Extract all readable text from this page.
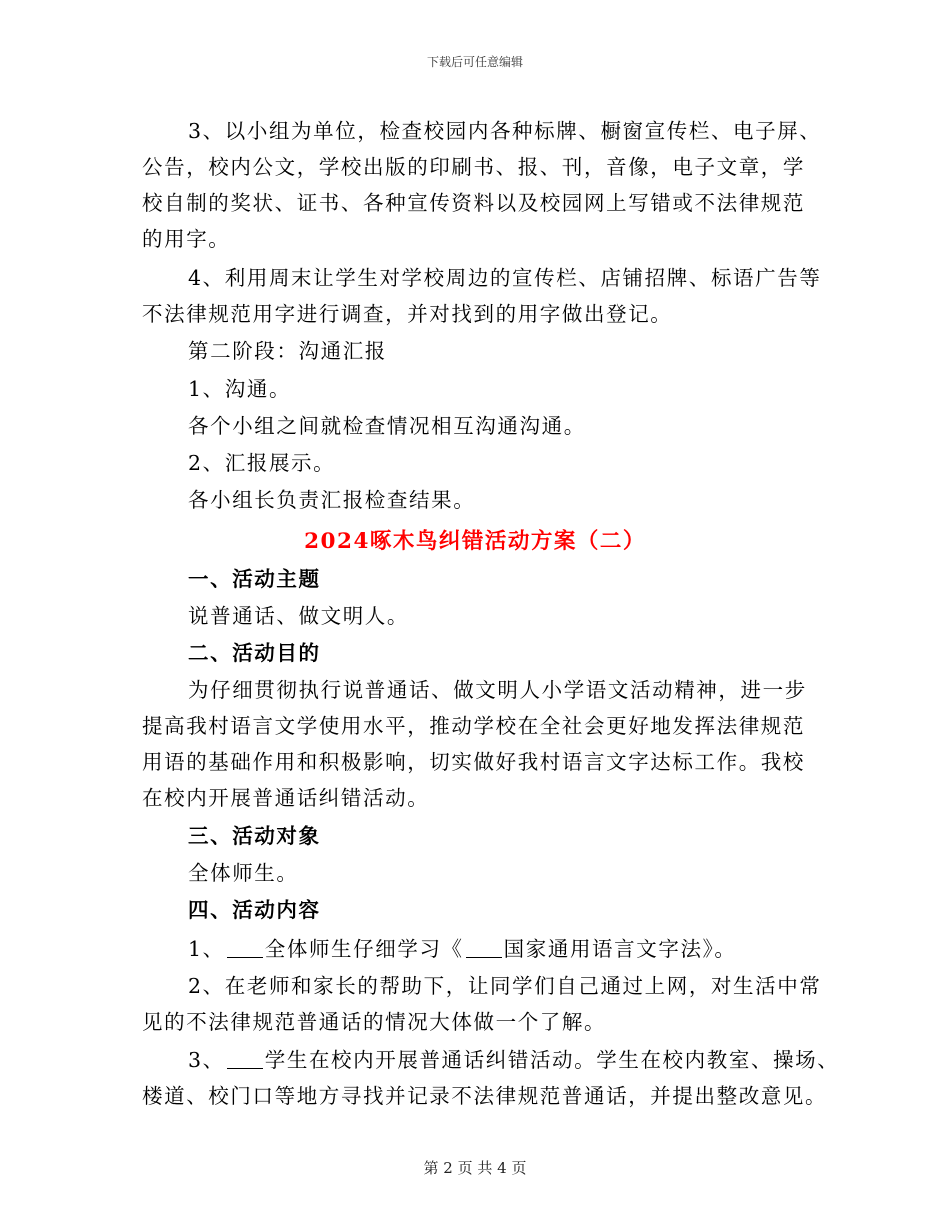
下载后可任意编辑
3、以小组为单位，检查校园内各种标牌、橱窗宣传栏、电子屏、
公告，校内公文，学校出版的印刷书、报、刊，音像，电子文章，学
校自制的奖状、证书、各种宣传资料以及校园网上写错或不法律规范
的用字。
4、利用周末让学生对学校周边的宣传栏、店铺招牌、标语广告等
不法律规范用字进行调查，并对找到的用字做出登记。
第二阶段：沟通汇报
1、沟通。
各个小组之间就检查情况相互沟通沟通。
2、汇报展示。
各小组长负责汇报检查结果。
2024啄木鸟纠错活动方案（二）
一、活动主题
说普通话、做文明人。
二、活动目的
为仔细贯彻执行说普通话、做文明人小学语文活动精神，进一步
提高我村语言文学使用水平，推动学校在全社会更好地发挥法律规范
用语的基础作用和积极影响，切实做好我村语言文字达标工作。我校
在校内开展普通话纠错活动。
三、活动对象
全体师生。
四、活动内容
1、 全体师生仔细学习《 国家通用语言文字法》。
2、在老师和家长的帮助下，让同学们自己通过上网，对生活中常
见的不法律规范普通话的情况大体做一个了解。
3、 学生在校内开展普通话纠错活动。学生在校内教室、操场、
楼道、校门口等地方寻找并记录不法律规范普通话，并提出整改意见。
第 2 页 共 4 页
